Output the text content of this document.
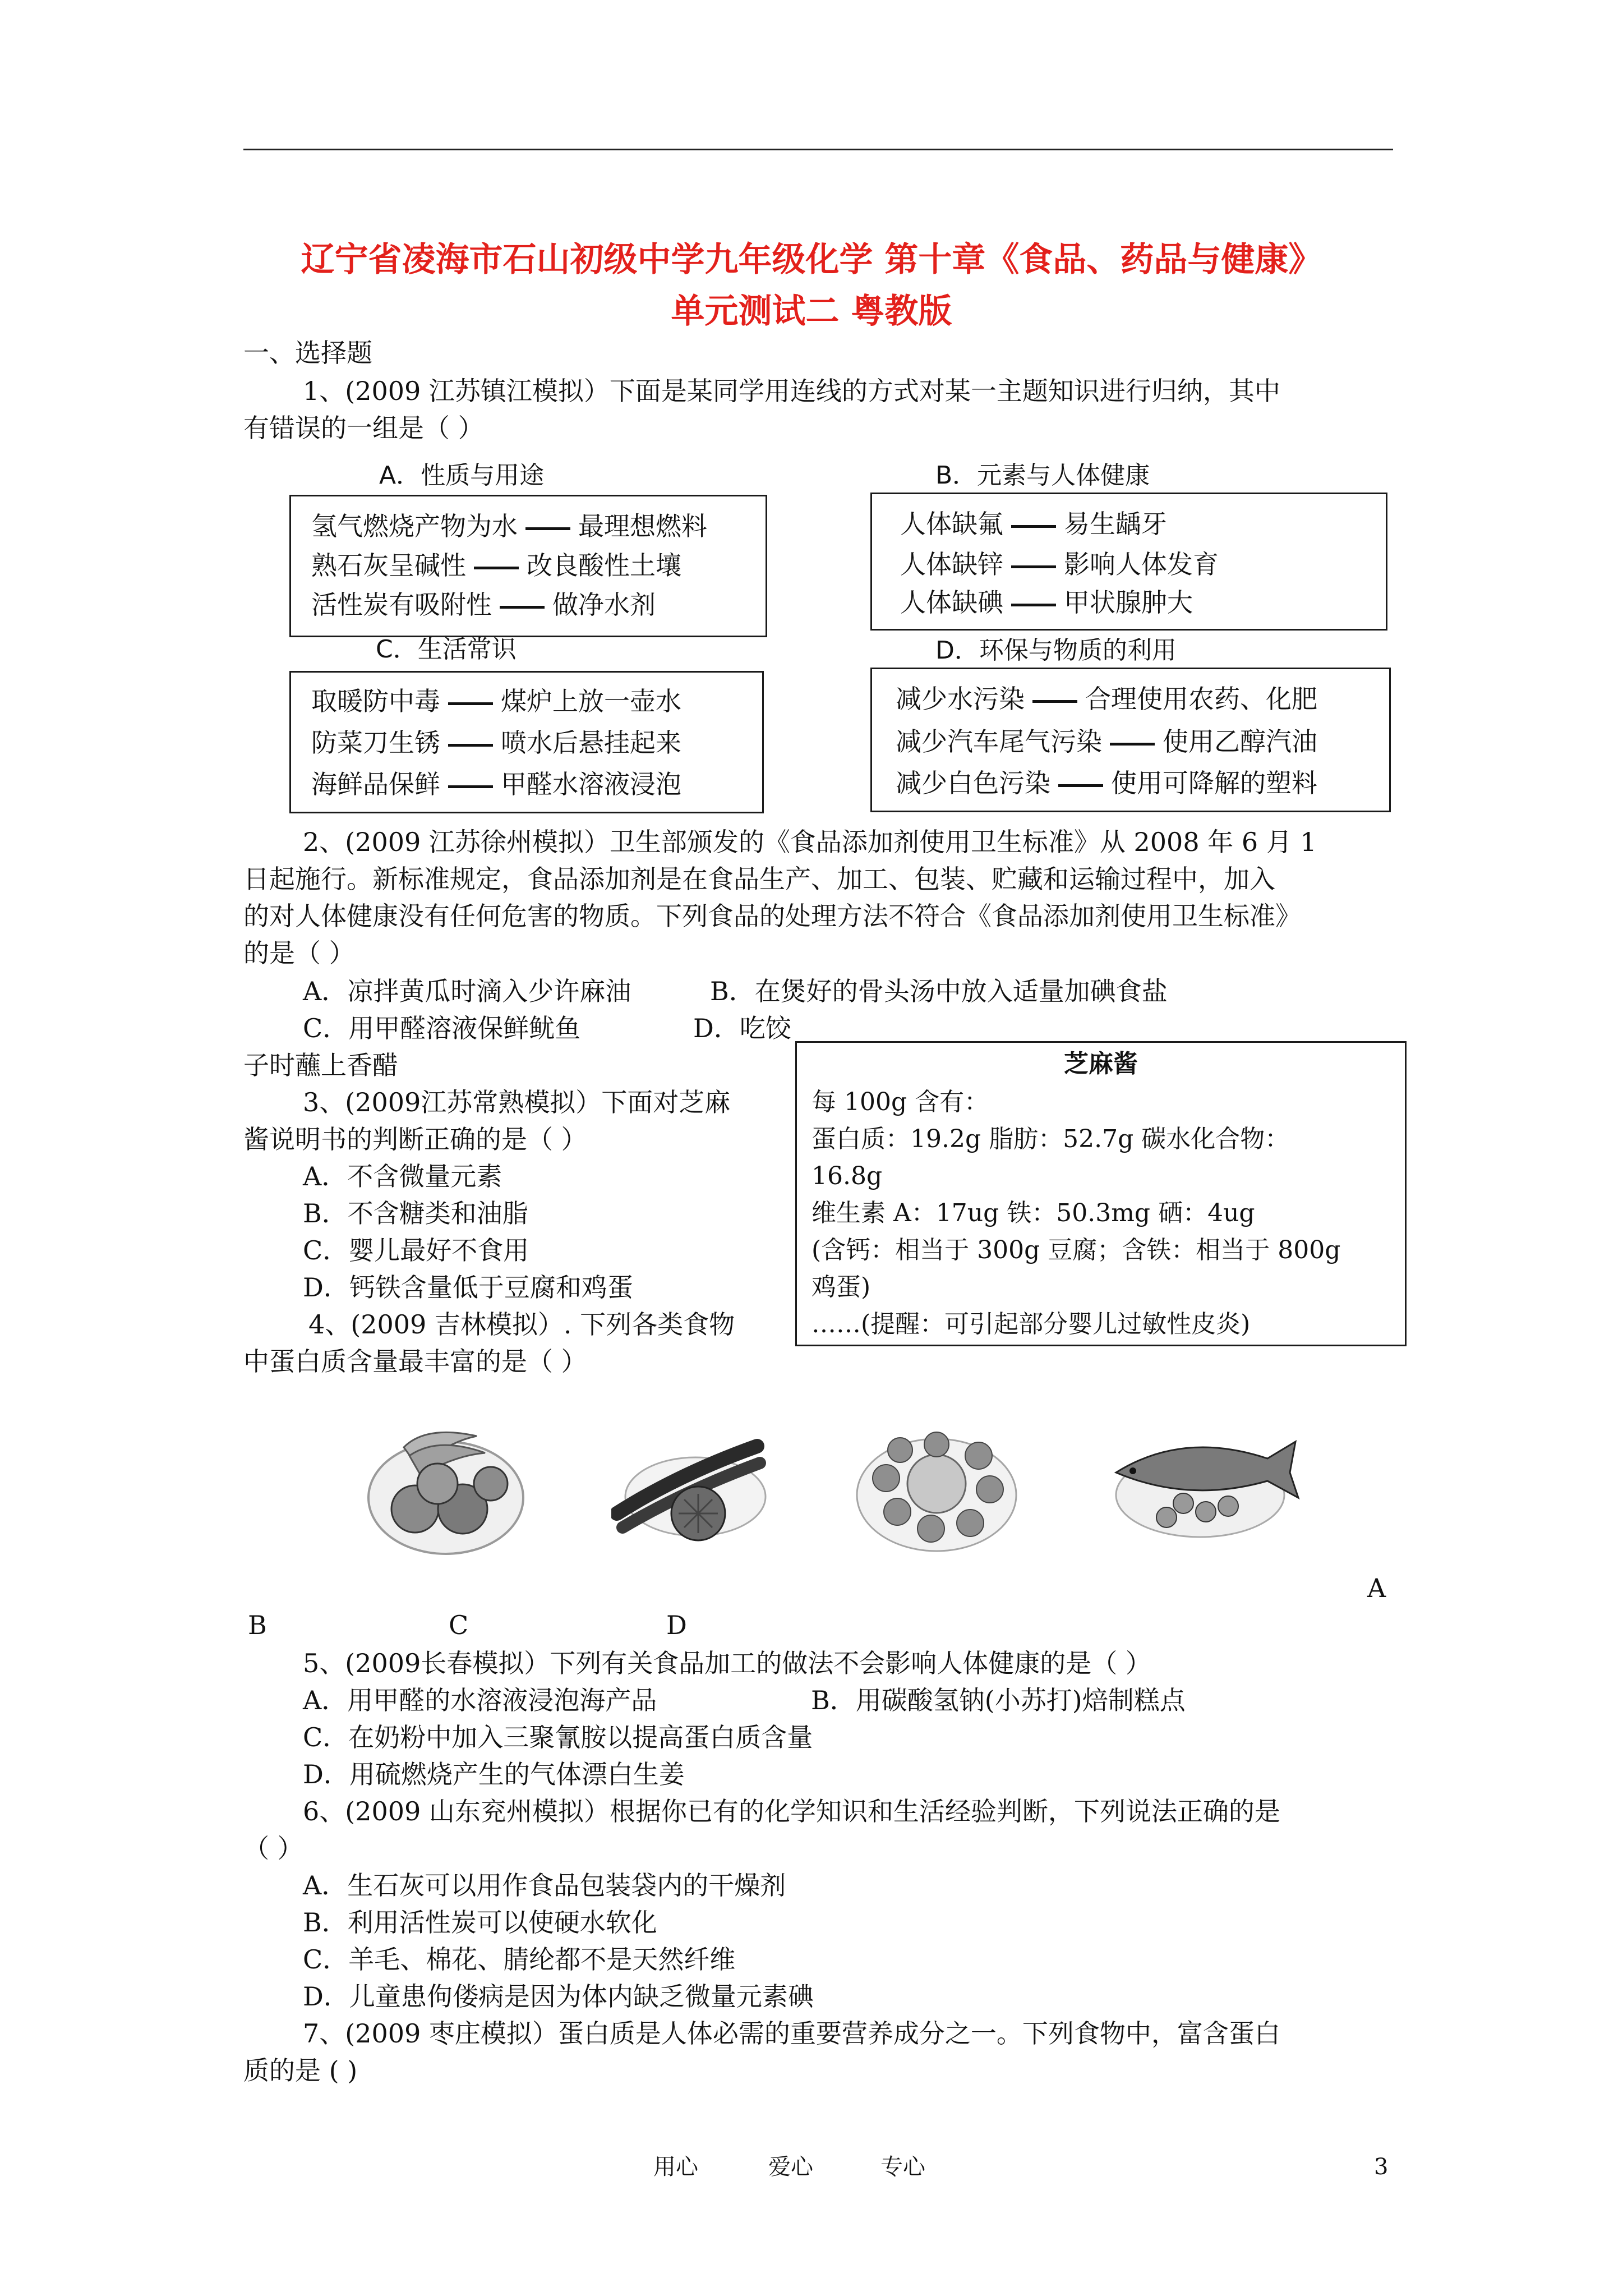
辽宁省凌海市石山初级中学九年级化学 第十章《食品、药品与健康》
单元测试二 粤教版
一、选择题
1、(2009 江苏镇江模拟）下面是某同学用连线的方式对某一主题知识进行归纳，其中
有错误的一组是（ ）
A．性质与用途
氢气燃烧产物为水 最理想燃料
熟石灰呈碱性 改良酸性土壤
活性炭有吸附性 做净水剂
B．元素与人体健康
人体缺氟 易生龋牙
人体缺锌 影响人体发育
人体缺碘 甲状腺肿大
C．生活常识
取暖防中毒 煤炉上放一壶水
防菜刀生锈 喷水后悬挂起来
海鲜品保鲜 甲醛水溶液浸泡
D．环保与物质的利用
减少水污染 合理使用农药、化肥
减少汽车尾气污染 使用乙醇汽油
减少白色污染 使用可降解的塑料
2、(2009 江苏徐州模拟）卫生部颁发的《食品添加剂使用卫生标准》从 2008 年 6 月 1
日起施行。新标准规定，食品添加剂是在食品生产、加工、包装、贮藏和运输过程中，加入
的对人体健康没有任何危害的物质。下列食品的处理方法不符合《食品添加剂使用卫生标准》
的是（ ）
A．凉拌黄瓜时滴入少许麻油	B．在煲好的骨头汤中放入适量加碘食盐
C．用甲醛溶液保鲜鱿鱼	D．吃饺
子时蘸上香醋	芝麻酱
每 100g 含有：
蛋白质：19.2g 脂肪：52.7g 碳水化合物：
16.8g
维生素 A：17ug 铁：50.3mg 硒：4ug
(含钙：相当于 300g 豆腐；含铁：相当于 800g
鸡蛋)
……(提醒：可引起部分婴儿过敏性皮炎)
3、(2009江苏常熟模拟）下面对芝麻
酱说明书的判断正确的是（ ）
A．不含微量元素
B．不含糖类和油脂
C．婴儿最好不食用
D．钙铁含量低于豆腐和鸡蛋
4、(2009 吉林模拟）. 下列各类食物
中蛋白质含量最丰富的是（ ）
A
B	C	D
5、(2009长春模拟）下列有关食品加工的做法不会影响人体健康的是（ ）
A．用甲醛的水溶液浸泡海产品	B．用碳酸氢钠(小苏打)焙制糕点
C．在奶粉中加入三聚氰胺以提高蛋白质含量
D．用硫燃烧产生的气体漂白生姜
6、(2009 山东兖州模拟）根据你已有的化学知识和生活经验判断，下列说法正确的是
（ ）
A．生石灰可以用作食品包装袋内的干燥剂
B．利用活性炭可以使硬水软化
C．羊毛、棉花、腈纶都不是天然纤维
D．儿童患佝偻病是因为体内缺乏微量元素碘
7、(2009 枣庄模拟）蛋白质是人体必需的重要营养成分之一。下列食物中，富含蛋白
质的是 ( )
用心	爱心	专心	3
